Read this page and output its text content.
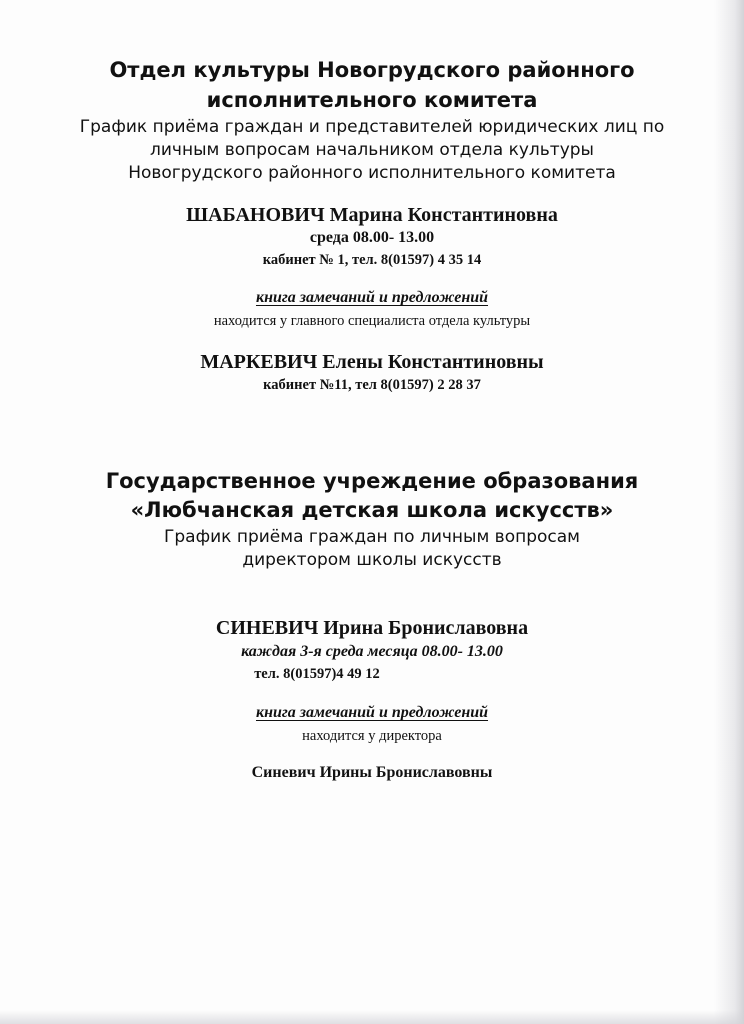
Отдел культуры Новогрудского районного

исполнительного комитета

График приёма граждан и представителей юридических лиц по

личным вопросам начальником отдела культуры

Новогрудского районного исполнительного комитета

ШАБАНОВИЧ Марина Константиновна

среда 08.00- 13.00

кабинет № 1, тел. 8(01597) 4 35 14

книга замечаний и предложений

находится у главного специалиста отдела культуры

МАРКЕВИЧ Елены Константиновны

кабинет №11, тел 8(01597) 2 28 37

Государственное учреждение образования

«Любчанская детская школа искусств»

График приёма граждан по личным вопросам

директором школы искусств

СИНЕВИЧ Ирина Брониславовна

каждая 3-я среда месяца 08.00- 13.00

тел. 8(01597)4 49 12

книга замечаний и предложений

находится у директора

Синевич Ирины Брониславовны
